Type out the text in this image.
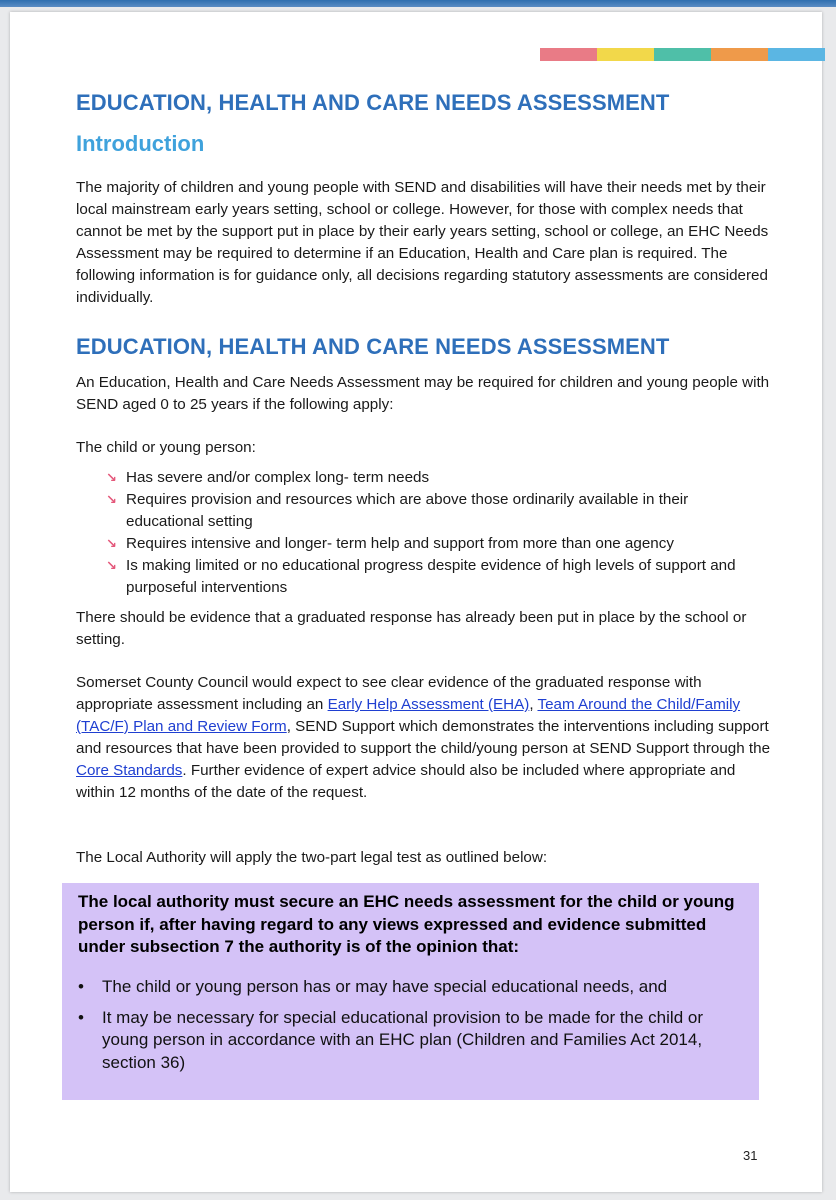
EDUCATION, HEALTH AND CARE NEEDS ASSESSMENT
Introduction

The majority of children and young people with SEND and disabilities will have their needs met by their local mainstream early years setting, school or college. However, for those with complex needs that cannot be met by the support put in place by their early years setting, school or college, an EHC Needs Assessment may be required to determine if an Education, Health and Care plan is required. The following information is for guidance only, all decisions regarding statutory assessments are considered individually.

EDUCATION, HEALTH AND CARE NEEDS ASSESSMENT

An Education, Health and Care Needs Assessment may be required for children and young people with SEND aged 0 to 25 years if the following apply:

The child or young person:

↘ Has severe and/or complex long- term needs
↘ Requires provision and resources which are above those ordinarily available in their educational setting
↘ Requires intensive and longer- term help and support from more than one agency
↘ Is making limited or no educational progress despite evidence of high levels of support and purposeful interventions

There should be evidence that a graduated response has already been put in place by the school or setting.

Somerset County Council would expect to see clear evidence of the graduated response with appropriate assessment including an Early Help Assessment (EHA), Team Around the Child/Family (TAC/F) Plan and Review Form, SEND Support which demonstrates the interventions including support and resources that have been provided to support the child/young person at SEND Support through the Core Standards. Further evidence of expert advice should also be included where appropriate and within 12 months of the date of the request.

The Local Authority will apply the two-part legal test as outlined below:

The local authority must secure an EHC needs assessment for the child or young person if, after having regard to any views expressed and evidence submitted under subsection 7 the authority is of the opinion that:
• The child or young person has or may have special educational needs, and
• It may be necessary for special educational provision to be made for the child or young person in accordance with an EHC plan (Children and Families Act 2014, section 36)
31
